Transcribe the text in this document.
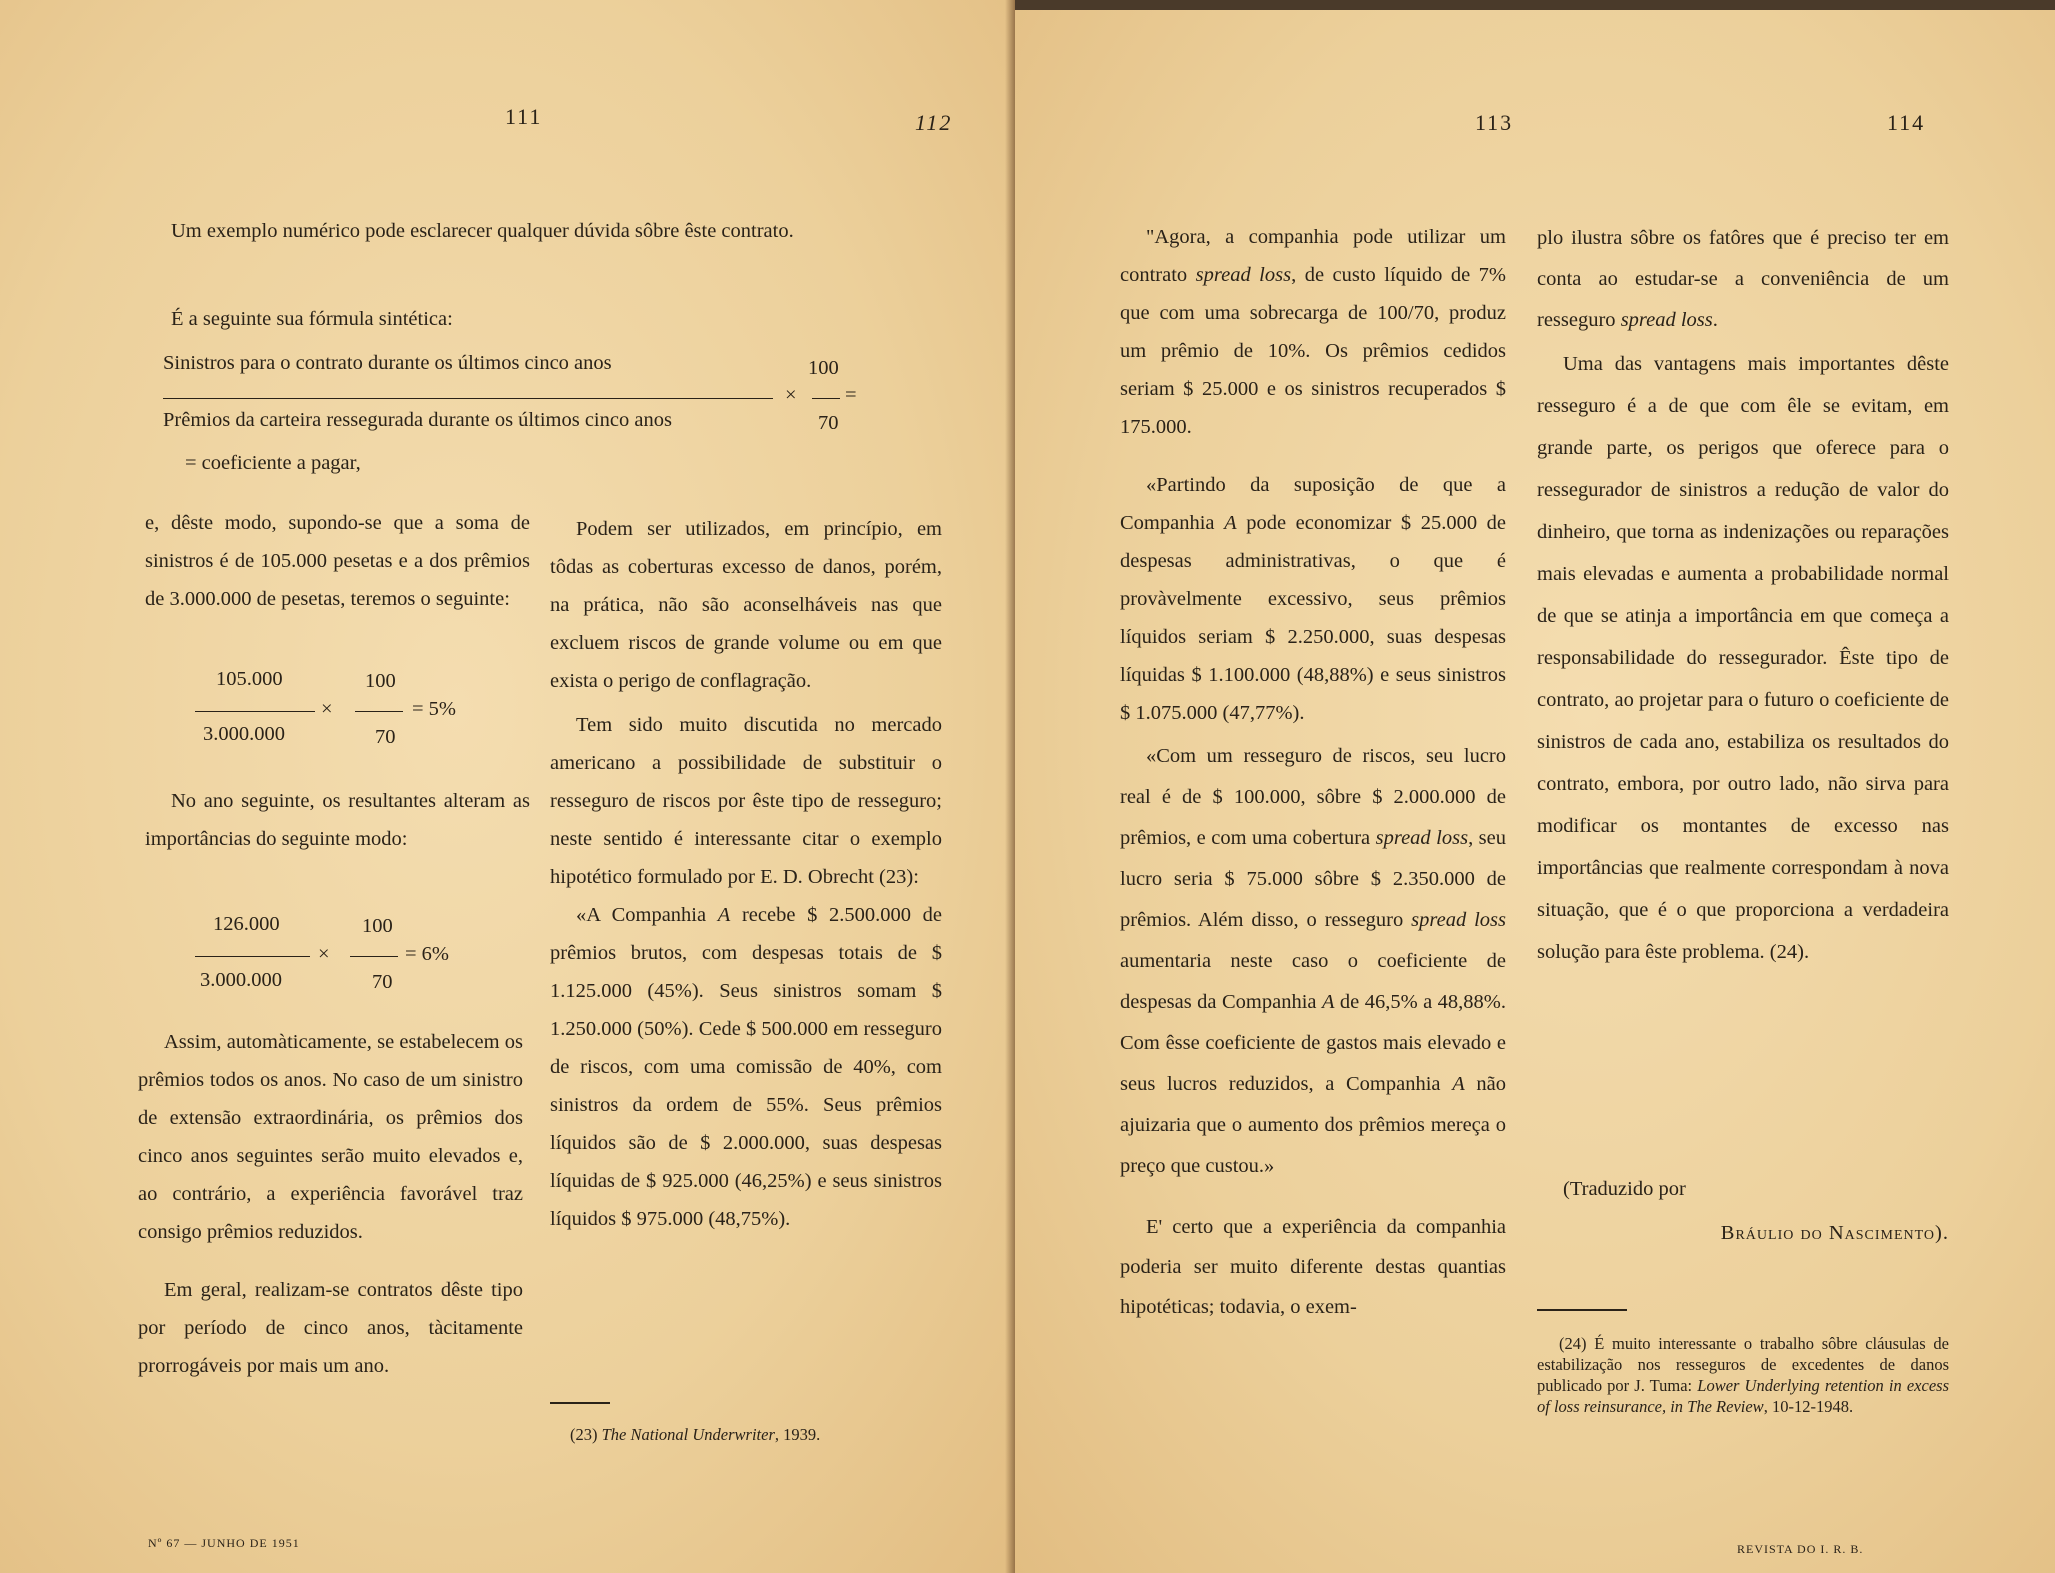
111	112

Um exemplo numérico pode esclarecer qualquer dúvida sôbre êste contrato.

É a seguinte sua fórmula sintética:

Sinistros para o contrato durante os últimos cinco anos
Prêmios da carteira ressegurada durante os últimos cinco anos
100
70
× =
= coeficiente a pagar,

e, dêste modo, supondo-se que a soma de sinistros é de 105.000 pesetas e a dos prêmios de 3.000.000 de pesetas, teremos o seguinte:

105.000
3.000.000
×
100
70
= 5%

No ano seguinte, os resultantes alteram as importâncias do seguinte modo:

126.000
3.000.000
×
100
70
= 6%

Assim, automàticamente, se estabelecem os prêmios todos os anos. No caso de um sinistro de extensão extraordinária, os prêmios dos cinco anos seguintes serão muito elevados e, ao contrário, a experiência favorável traz consigo prêmios reduzidos.

Em geral, realizam-se contratos dêste tipo por período de cinco anos, tàcitamente prorrogáveis por mais um ano.

Podem ser utilizados, em princípio, em tôdas as coberturas excesso de danos, porém, na prática, não são aconselháveis nas que excluem riscos de grande volume ou em que exista o perigo de conflagração.

Tem sido muito discutida no mercado americano a possibilidade de substituir o resseguro de riscos por êste tipo de resseguro; neste sentido é interessante citar o exemplo hipotético formulado por E. D. Obrecht (23):

«A Companhia A recebe $ 2.500.000 de prêmios brutos, com despesas totais de $ 1.125.000 (45%). Seus sinistros somam $ 1.250.000 (50%). Cede $ 500.000 em resseguro de riscos, com uma comissão de 40%, com sinistros da ordem de 55%. Seus prêmios líquidos são de $ 2.000.000, suas despesas líquidas de $ 925.000 (46,25%) e seus sinistros líquidos $ 975.000 (48,75%).

(23) The National Underwriter, 1939.
Nº 67 — JUNHO DE 1951
113	114

"Agora, a companhia pode utilizar um contrato spread loss, de custo líquido de 7% que com uma sobrecarga de 100/70, produz um prêmio de 10%. Os prêmios cedidos seriam $ 25.000 e os sinistros recuperados $ 175.000.

«Partindo da suposição de que a Companhia A pode economizar $ 25.000 de despesas administrativas, o que é provàvelmente excessivo, seus prêmios líquidos seriam $ 2.250.000, suas despesas líquidas $ 1.100.000 (48,88%) e seus sinistros $ 1.075.000 (47,77%).

«Com um resseguro de riscos, seu lucro real é de $ 100.000, sôbre $ 2.000.000 de prêmios, e com uma cobertura spread loss, seu lucro seria $ 75.000 sôbre $ 2.350.000 de prêmios. Além disso, o resseguro spread loss aumentaria neste caso o coeficiente de despesas da Companhia A de 46,5% a 48,88%. Com êsse coeficiente de gastos mais elevado e seus lucros reduzidos, a Companhia A não ajuizaria que o aumento dos prêmios mereça o preço que custou.»

E' certo que a experiência da companhia poderia ser muito diferente destas quantias hipotéticas; todavia, o exem-

plo ilustra sôbre os fatôres que é preciso ter em conta ao estudar-se a conveniência de um resseguro spread loss.

Uma das vantagens mais importantes dêste resseguro é a de que com êle se evitam, em grande parte, os perigos que oferece para o ressegurador de sinistros a redução de valor do dinheiro, que torna as indenizações ou reparações mais elevadas e aumenta a probabilidade normal de que se atinja a importância em que começa a responsabilidade do ressegurador. Êste tipo de contrato, ao projetar para o futuro o coeficiente de sinistros de cada ano, estabiliza os resultados do contrato, embora, por outro lado, não sirva para modificar os montantes de excesso nas importâncias que realmente correspondam à nova situação, que é o que proporciona a verdadeira solução para êste problema. (24).

(Traduzido por

Bráulio do Nascimento).

(24) É muito interessante o trabalho sôbre cláusulas de estabilização nos resseguros de excedentes de danos publicado por J. Tuma: Lower Underlying retention in excess of loss reinsurance, in The Review, 10-12-1948.
REVISTA DO I. R. B.
